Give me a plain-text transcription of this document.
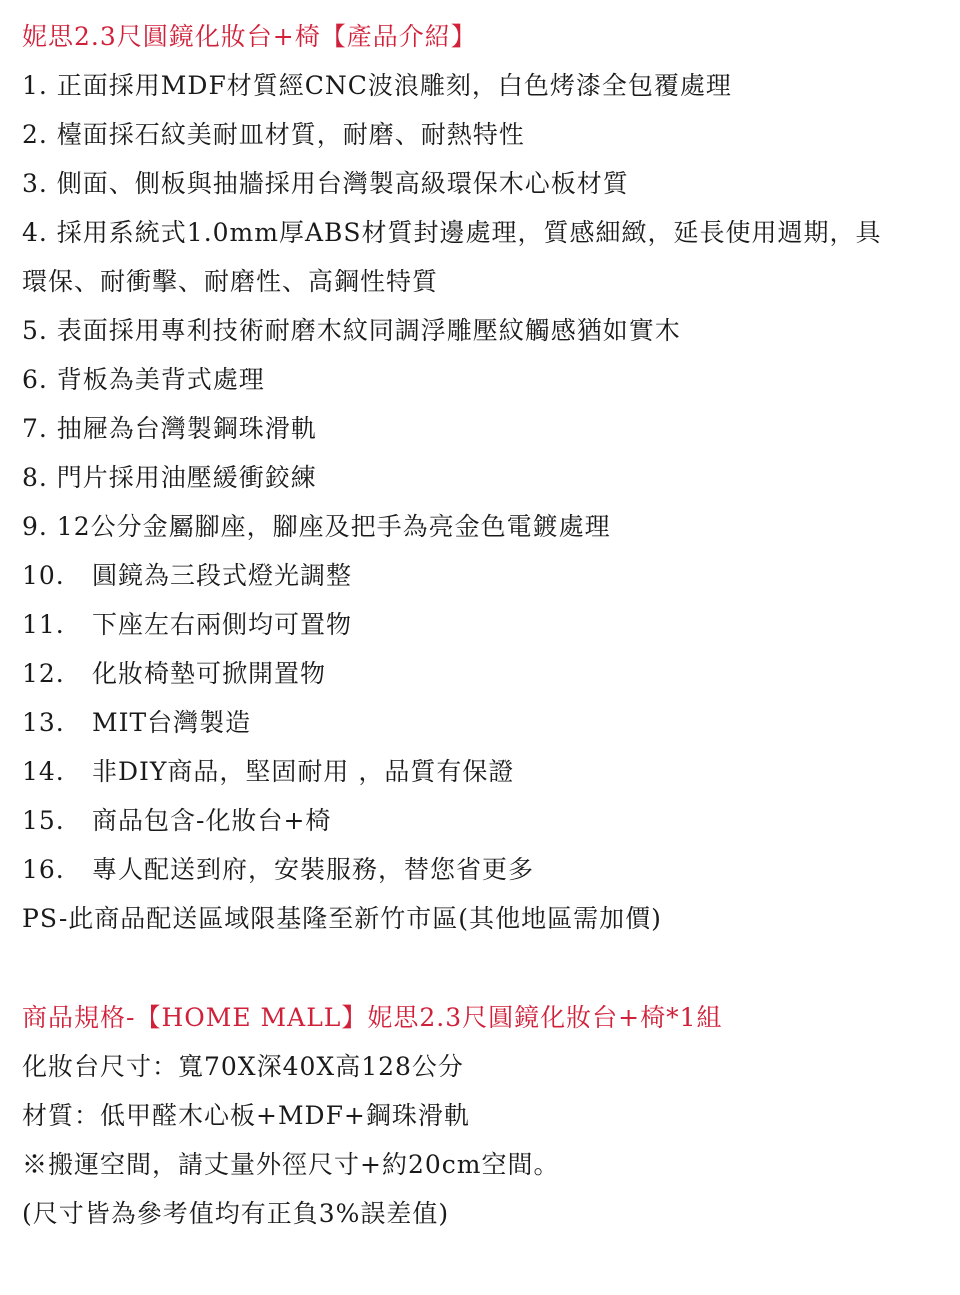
妮思2.3尺圓鏡化妝台+椅【產品介紹】
1. 正面採用MDF材質經CNC波浪雕刻，白色烤漆全包覆處理
2. 檯面採石紋美耐皿材質，耐磨、耐熱特性
3. 側面、側板與抽牆採用台灣製高級環保木心板材質
4. 採用系統式1.0mm厚ABS材質封邊處理，質感細緻，延長使用週期，具
環保、耐衝擊、耐磨性、高鋼性特質
5. 表面採用專利技術耐磨木紋同調浮雕壓紋觸感猶如實木
6. 背板為美背式處理
7. 抽屜為台灣製鋼珠滑軌
8. 門片採用油壓緩衝鉸練
9. 12公分金屬腳座，腳座及把手為亮金色電鍍處理
10. 圓鏡為三段式燈光調整
11. 下座左右兩側均可置物
12. 化妝椅墊可掀開置物
13. MIT台灣製造
14. 非DIY商品，堅固耐用 ，品質有保證
15. 商品包含-化妝台+椅
16. 專人配送到府，安裝服務，替您省更多
PS-此商品配送區域限基隆至新竹市區(其他地區需加價)
商品規格-【HOME MALL】妮思2.3尺圓鏡化妝台+椅*1組
化妝台尺寸：寬70X深40X高128公分
材質：低甲醛木心板+MDF+鋼珠滑軌
※搬運空間，請丈量外徑尺寸+約20cm空間。
(尺寸皆為參考值均有正負3%誤差值)
